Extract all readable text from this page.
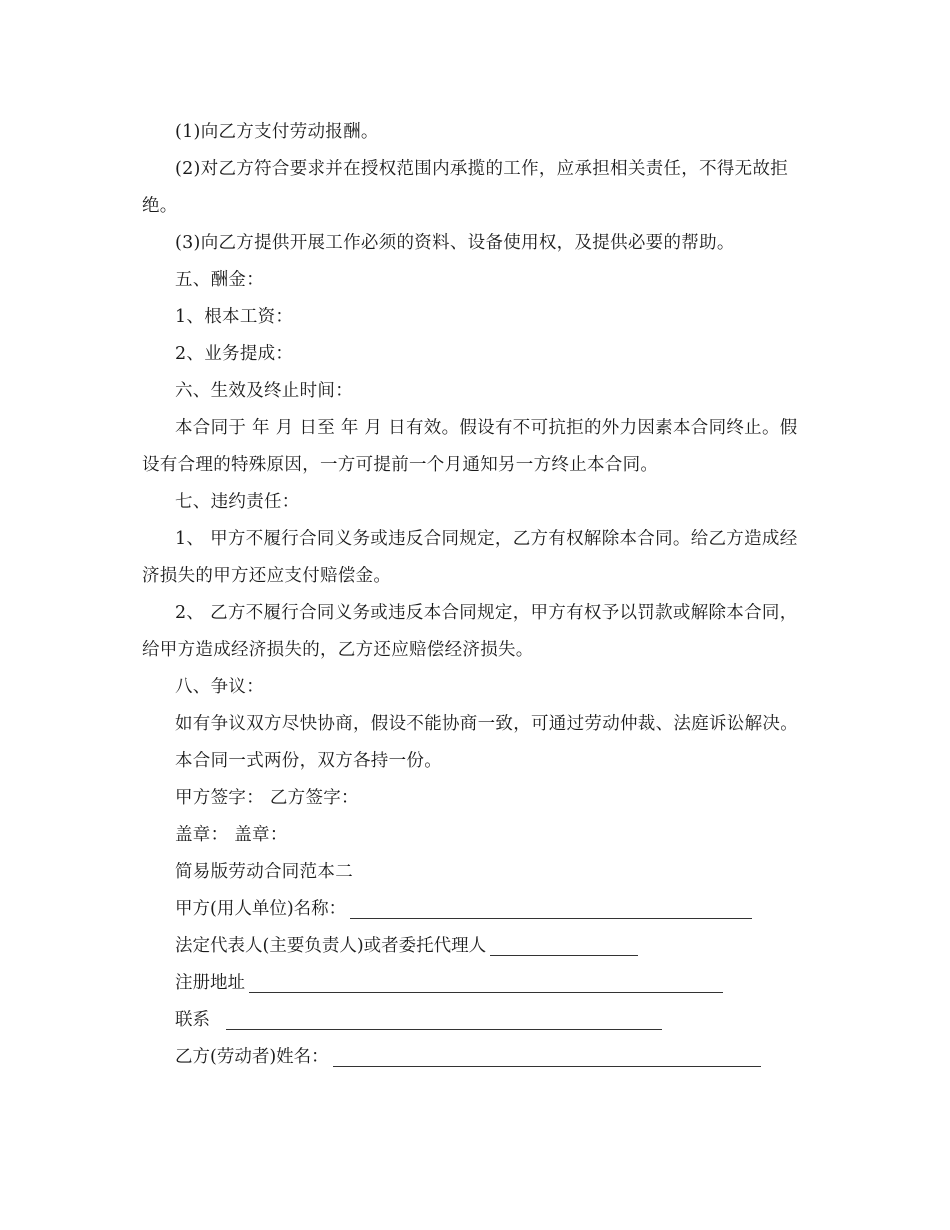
(1)向乙方支付劳动报酬。

(2)对乙方符合要求并在授权范围内承揽的工作，应承担相关责任，不得无故拒绝。

(3)向乙方提供开展工作必须的资料、设备使用权，及提供必要的帮助。

五、酬金：

1、根本工资：

2、业务提成：

六、生效及终止时间：

本合同于 年 月 日至 年 月 日有效。假设有不可抗拒的外力因素本合同终止。假设有合理的特殊原因，一方可提前一个月通知另一方终止本合同。

七、违约责任：

1、 甲方不履行合同义务或违反合同规定，乙方有权解除本合同。给乙方造成经济损失的甲方还应支付赔偿金。

2、 乙方不履行合同义务或违反本合同规定，甲方有权予以罚款或解除本合同，给甲方造成经济损失的，乙方还应赔偿经济损失。

八、争议：

如有争议双方尽快协商，假设不能协商一致，可通过劳动仲裁、法庭诉讼解决。

本合同一式两份，双方各持一份。

甲方签字： 乙方签字：

盖章： 盖章：

简易版劳动合同范本二

甲方(用人单位)名称：
法定代表人(主要负责人)或者委托代理人
注册地址
联系
乙方(劳动者)姓名：
